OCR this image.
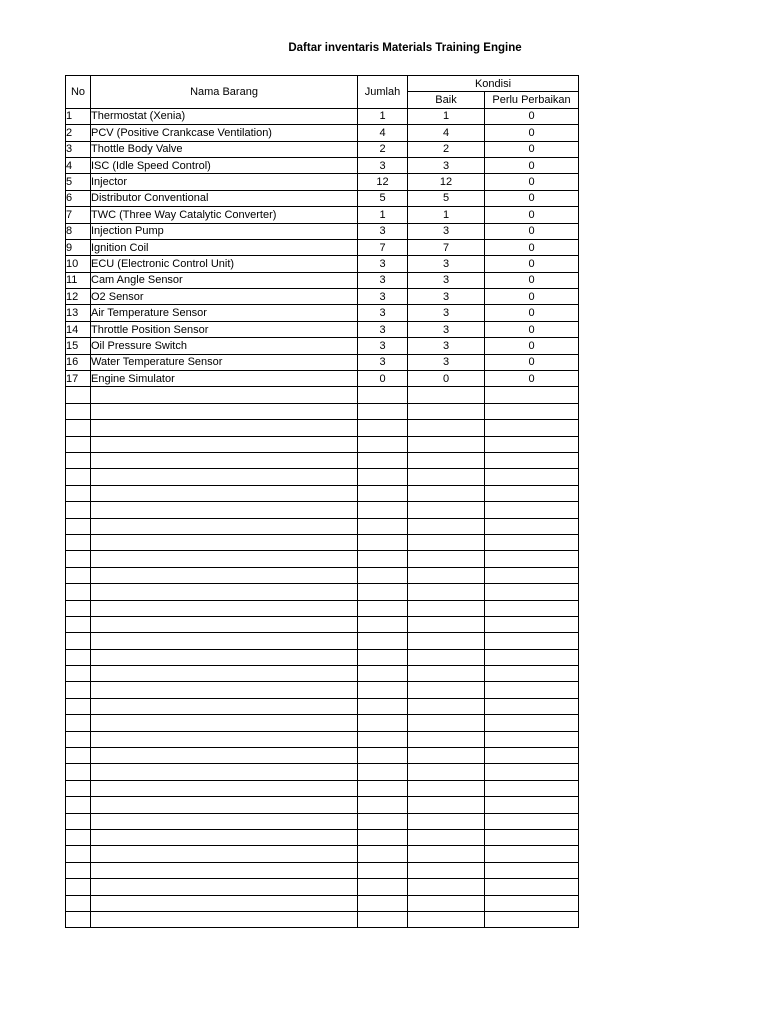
Daftar inventaris Materials Training Engine
No	Nama Barang	Jumlah	Kondisi	
			Baik	Perlu Perbaikan
1	Thermostat (Xenia)	1	1	0
2	PCV (Positive Crankcase Ventilation)	4	4	0
3	Thottle Body Valve	2	2	0
4	ISC (Idle Speed Control)	3	3	0
5	Injector	12	12	0
6	Distributor Conventional	5	5	0
7	TWC (Three Way Catalytic Converter)	1	1	0
8	Injection Pump	3	3	0
9	Ignition Coil	7	7	0
10	ECU (Electronic Control Unit)	3	3	0
11	Cam Angle Sensor	3	3	0
12	O2 Sensor	3	3	0
13	Air Temperature Sensor	3	3	0
14	Throttle Position Sensor	3	3	0
15	Oil Pressure Switch	3	3	0
16	Water Temperature Sensor	3	3	0
17	Engine Simulator	0	0	0
